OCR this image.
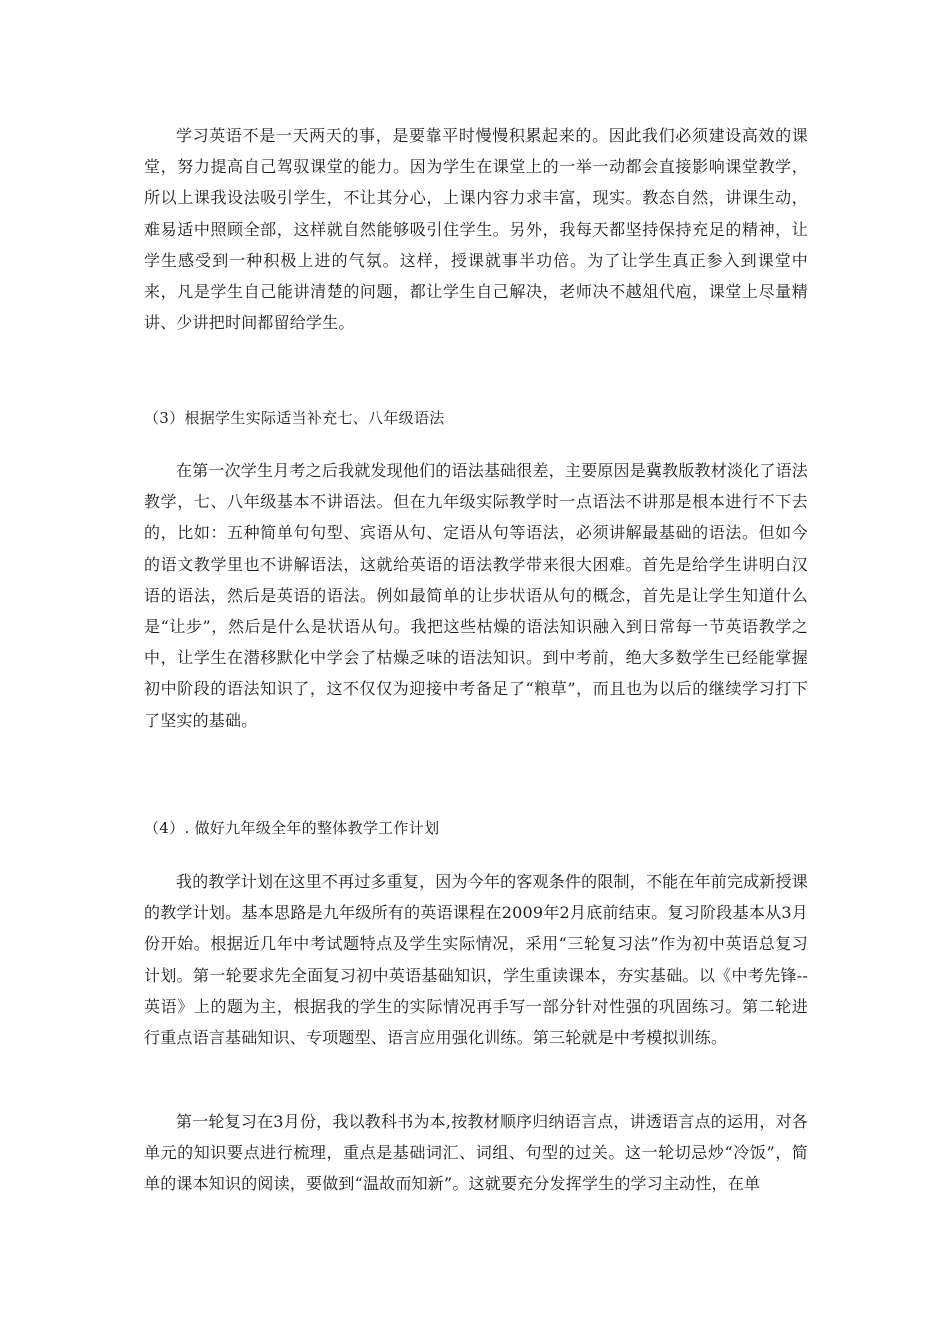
学习英语不是一天两天的事，是要靠平时慢慢积累起来的。因此我们必须建设高效的课堂，努力提高自己驾驭课堂的能力。因为学生在课堂上的一举一动都会直接影响课堂教学，所以上课我设法吸引学生，不让其分心，上课内容力求丰富，现实。教态自然，讲课生动，难易适中照顾全部，这样就自然能够吸引住学生。另外，我每天都坚持保持充足的精神，让学生感受到一种积极上进的气氛。这样，授课就事半功倍。为了让学生真正参入到课堂中来，凡是学生自己能讲清楚的问题，都让学生自己解决，老师决不越俎代庖，课堂上尽量精讲、少讲把时间都留给学生。

（3）根据学生实际适当补充七、八年级语法

在第一次学生月考之后我就发现他们的语法基础很差，主要原因是冀教版教材淡化了语法教学，七、八年级基本不讲语法。但在九年级实际教学时一点语法不讲那是根本进行不下去的，比如：五种简单句句型、宾语从句、定语从句等语法，必须讲解最基础的语法。但如今的语文教学里也不讲解语法，这就给英语的语法教学带来很大困难。首先是给学生讲明白汉语的语法，然后是英语的语法。例如最简单的让步状语从句的概念，首先是让学生知道什么是“让步”，然后是什么是状语从句。我把这些枯燥的语法知识融入到日常每一节英语教学之中，让学生在潜移默化中学会了枯燥乏味的语法知识。到中考前，绝大多数学生已经能掌握初中阶段的语法知识了，这不仅仅为迎接中考备足了“粮草”，而且也为以后的继续学习打下了坚实的基础。

（4）. 做好九年级全年的整体教学工作计划

我的教学计划在这里不再过多重复，因为今年的客观条件的限制，不能在年前完成新授课的教学计划。基本思路是九年级所有的英语课程在2009年2月底前结束。复习阶段基本从3月份开始。根据近几年中考试题特点及学生实际情况，采用“三轮复习法”作为初中英语总复习计划。第一轮要求先全面复习初中英语基础知识，学生重读课本，夯实基础。以《中考先锋--英语》上的题为主，根据我的学生的实际情况再手写一部分针对性强的巩固练习。第二轮进行重点语言基础知识、专项题型、语言应用强化训练。第三轮就是中考模拟训练。

第一轮复习在3月份，我以教科书为本,按教材顺序归纳语言点，讲透语言点的运用，对各单元的知识要点进行梳理，重点是基础词汇、词组、句型的过关。这一轮切忌炒“冷饭”，简单的课本知识的阅读，要做到“温故而知新”。这就要充分发挥学生的学习主动性，在单
